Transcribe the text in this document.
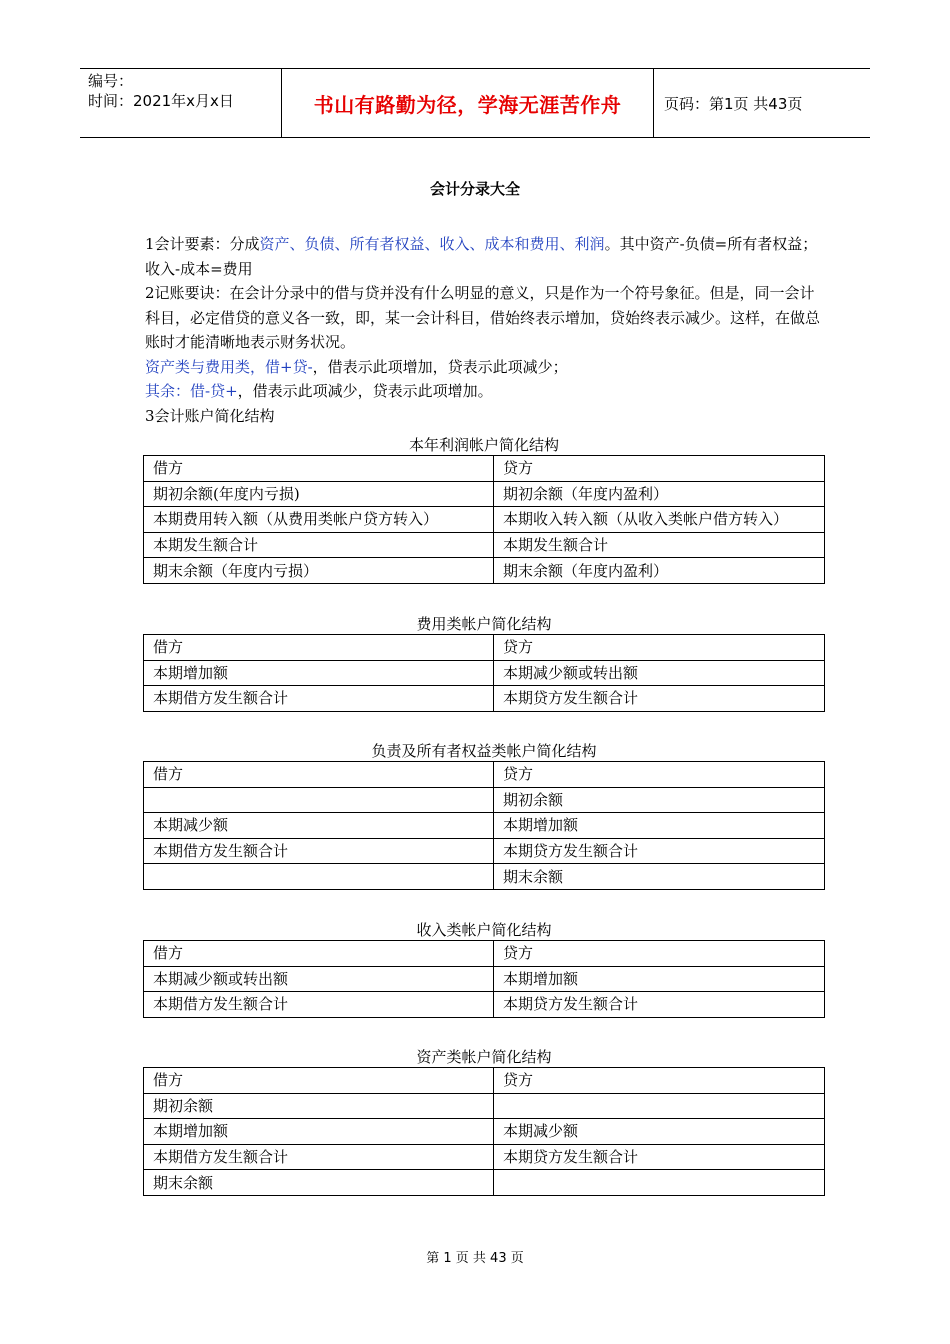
编号：
时间：2021年x月x日	书山有路勤为径，学海无涯苦作舟	页码：第1页 共43页
会计分录大全

1会计要素：分成资产、负债、所有者权益、收入、成本和费用、利润。其中资产-负债=所有者权益；收入-成本=费用

2记账要诀：在会计分录中的借与贷并没有什么明显的意义，只是作为一个符号象征。但是，同一会计科目，必定借贷的意义各一致，即，某一会计科目，借始终表示增加，贷始终表示减少。这样，在做总账时才能清晰地表示财务状况。

资产类与费用类，借+贷-，借表示此项增加，贷表示此项减少；

其余：借-贷+，借表示此项减少，贷表示此项增加。

3会计账户简化结构

本年利润帐户简化结构
借方	贷方
期初余额(年度内亏损)	期初余额（年度内盈利）
本期费用转入额（从费用类帐户贷方转入）	本期收入转入额（从收入类帐户借方转入）
本期发生额合计	本期发生额合计
期末余额（年度内亏损）	期末余额（年度内盈利）
费用类帐户简化结构
借方	贷方
本期增加额	本期减少额或转出额
本期借方发生额合计	本期贷方发生额合计
负责及所有者权益类帐户简化结构
借方	贷方
	期初余额
本期减少额	本期增加额
本期借方发生额合计	本期贷方发生额合计
	期末余额
收入类帐户简化结构
借方	贷方
本期减少额或转出额	本期增加额
本期借方发生额合计	本期贷方发生额合计
资产类帐户简化结构
借方	贷方
期初余额	
本期增加额	本期减少额
本期借方发生额合计	本期贷方发生额合计
期末余额	
第 1 页 共 43 页
